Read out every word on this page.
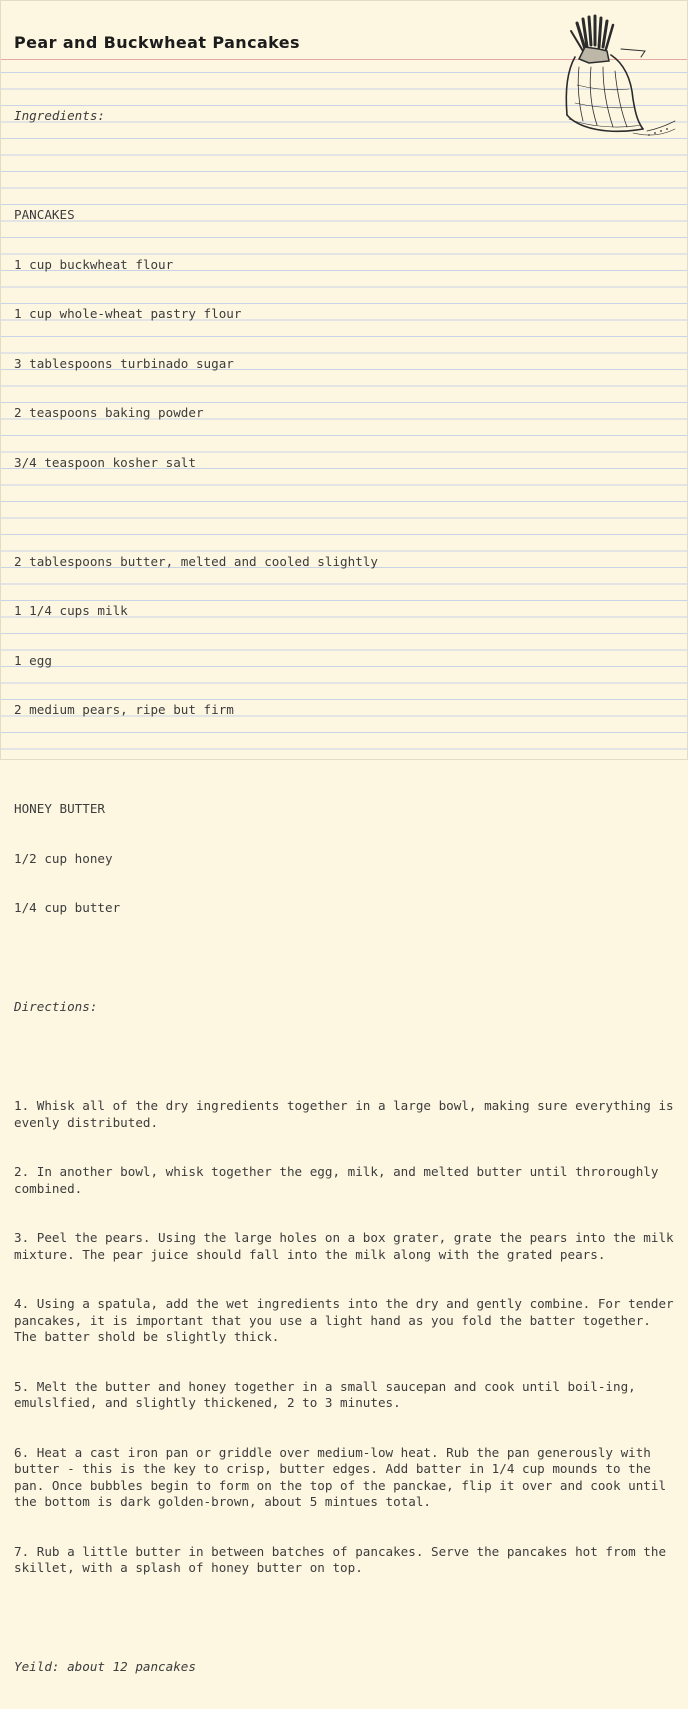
Pear and Buckwheat Pancakes

Ingredients:

PANCAKES

1 cup buckwheat flour

1 cup whole-wheat pastry flour

3 tablespoons turbinado sugar

2 teaspoons baking powder

3/4 teaspoon kosher salt

2 tablespoons butter, melted and cooled slightly

1 1/4 cups milk

1 egg

2 medium pears, ripe but firm

HONEY BUTTER

1/2 cup honey

1/4 cup butter

Directions:

1. Whisk all of the dry ingredients together in a large bowl, making sure everything is evenly distributed.

2. In another bowl, whisk together the egg, milk, and melted butter until throroughly combined.

3. Peel the pears. Using the large holes on a box grater, grate the pears into the milk mixture. The pear juice should fall into the milk along with the grated pears.

4. Using a spatula, add the wet ingredients into the dry and gently combine. For tender pancakes, it is important that you use a light hand as you fold the batter together. The batter shold be slightly thick.

5. Melt the butter and honey together in a small saucepan and cook until boil-ing, emulslfied, and slightly thickened, 2 to 3 minutes.

6. Heat a cast iron pan or griddle over medium-low heat. Rub the pan generously with butter - this is the key to crisp, butter edges. Add batter in 1/4 cup mounds to the pan. Once bubbles begin to form on the top of the panckae, flip it over and cook until the bottom is dark golden-brown, about 5 mintues total.

7. Rub a little butter in between batches of pancakes. Serve the pancakes hot from the skillet, with a splash of honey butter on top.

Yeild: about 12 pancakes
